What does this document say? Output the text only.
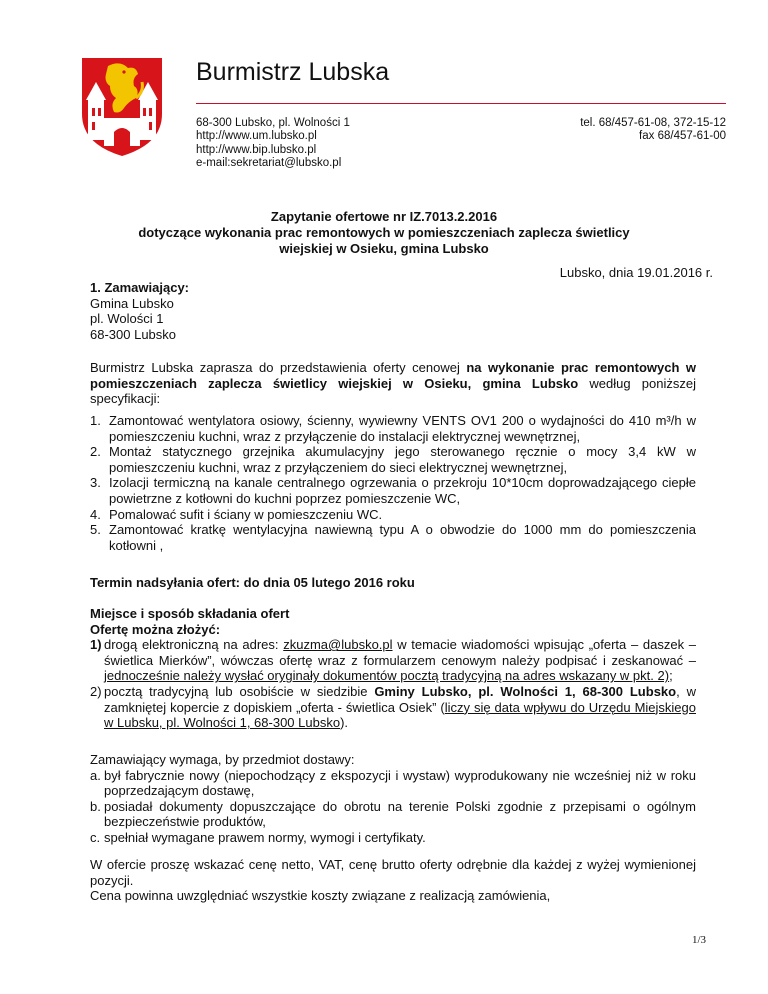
Burmistrz Lubska
68-300 Lubsko, pl. Wolności 1
http://www.um.lubsko.pl
http://www.bip.lubsko.pl
e-mail:sekretariat@lubsko.pl
tel. 68/457-61-08, 372-15-12
fax 68/457-61-00
Zapytanie ofertowe nr IZ.7013.2.2016
dotyczące wykonania prac remontowych w pomieszczeniach zaplecza świetlicy
wiejskiej w Osieku, gmina Lubsko
Lubsko, dnia 19.01.2016 r.
1. Zamawiający:
Gmina Lubsko
pl. Wolości 1
68-300 Lubsko
Burmistrz Lubska zaprasza do przedstawienia oferty cenowej na wykonanie prac remontowych w pomieszczeniach zaplecza świetlicy wiejskiej w Osieku, gmina Lubsko według poniższej specyfikacji:
1. Zamontować wentylatora osiowy, ścienny, wywiewny VENTS OV1 200 o wydajności do 410 m³/h w pomieszczeniu kuchni, wraz z przyłączenie do instalacji elektrycznej wewnętrznej,
2. Montaż statycznego grzejnika akumulacyjny jego sterowanego ręcznie o mocy 3,4 kW w pomieszczeniu kuchni, wraz z przyłączeniem do sieci elektrycznej wewnętrznej,
3. Izolacji termiczną na kanale centralnego ogrzewania o przekroju 10*10cm doprowadzającego ciepłe powietrzne z kotłowni do kuchni poprzez pomieszczenie WC,
4. Pomalować sufit i ściany w pomieszczeniu WC.
5. Zamontować kratkę wentylacyjna nawiewną typu A o obwodzie do 1000 mm do pomieszczenia kotłowni ,
Termin nadsyłania ofert: do dnia 05 lutego 2016 roku
Miejsce i sposób składania ofert
Ofertę można złożyć:
1) drogą elektroniczną na adres: zkuzma@lubsko.pl w temacie wiadomości wpisując „oferta – daszek – świetlica Mierków”, wówczas ofertę wraz z formularzem cenowym należy podpisać i zeskanować – jednocześnie należy wysłać oryginały dokumentów pocztą tradycyjną na adres wskazany w pkt. 2);
2) pocztą tradycyjną lub osobiście w siedzibie Gminy Lubsko, pl. Wolności 1, 68-300 Lubsko, w zamkniętej kopercie z dopiskiem „oferta - świetlica Osiek” (liczy się data wpływu do Urzędu Miejskiego w Lubsku, pl. Wolności 1, 68-300 Lubsko).
Zamawiający wymaga, by przedmiot dostawy:
a. był fabrycznie nowy (niepochodzący z ekspozycji i wystaw) wyprodukowany nie wcześniej niż w roku poprzedzającym dostawę,
b. posiadał dokumenty dopuszczające do obrotu na terenie Polski zgodnie z przepisami o ogólnym bezpieczeństwie produktów,
c. spełniał wymagane prawem normy, wymogi i certyfikaty.
W ofercie proszę wskazać cenę netto, VAT, cenę brutto oferty odrębnie dla każdej z wyżej wymienionej pozycji.
Cena powinna uwzględniać wszystkie koszty związane z realizacją zamówienia,
1/3
